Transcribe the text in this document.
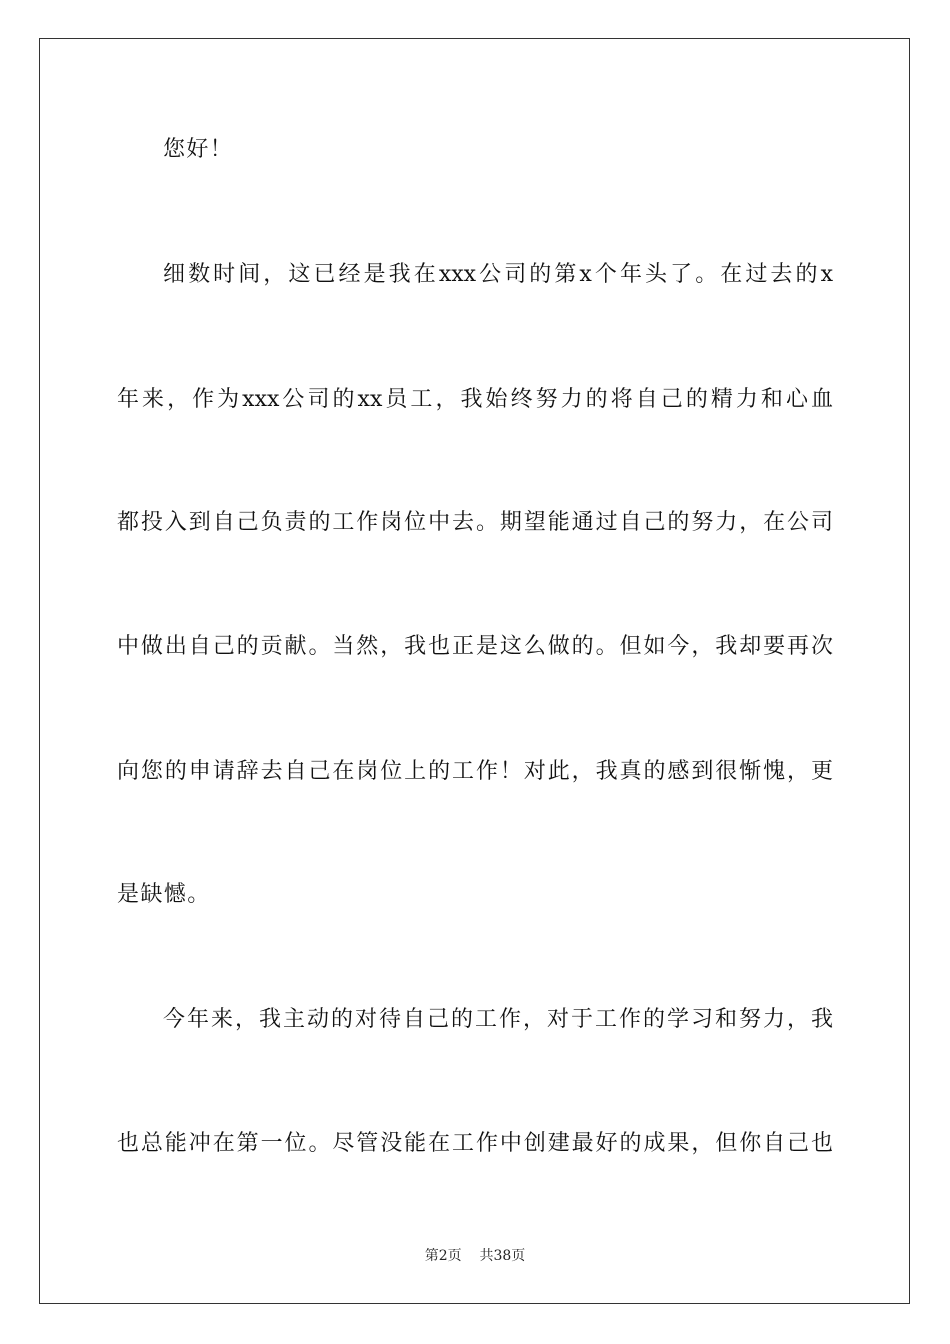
您好！
细数时间，这已经是我在xxx公司的第x个年头了。在过去的x
年来，作为xxx公司的xx员工，我始终努力的将自己的精力和心血
都投入到自己负责的工作岗位中去。期望能通过自己的努力，在公司
中做出自己的贡献。当然，我也正是这么做的。但如今，我却要再次
向您的申请辞去自己在岗位上的工作！对此，我真的感到很惭愧，更
是缺憾。
今年来，我主动的对待自己的工作，对于工作的学习和努力，我
也总能冲在第一位。尽管没能在工作中创建最好的成果，但你自己也
第2页 共38页
